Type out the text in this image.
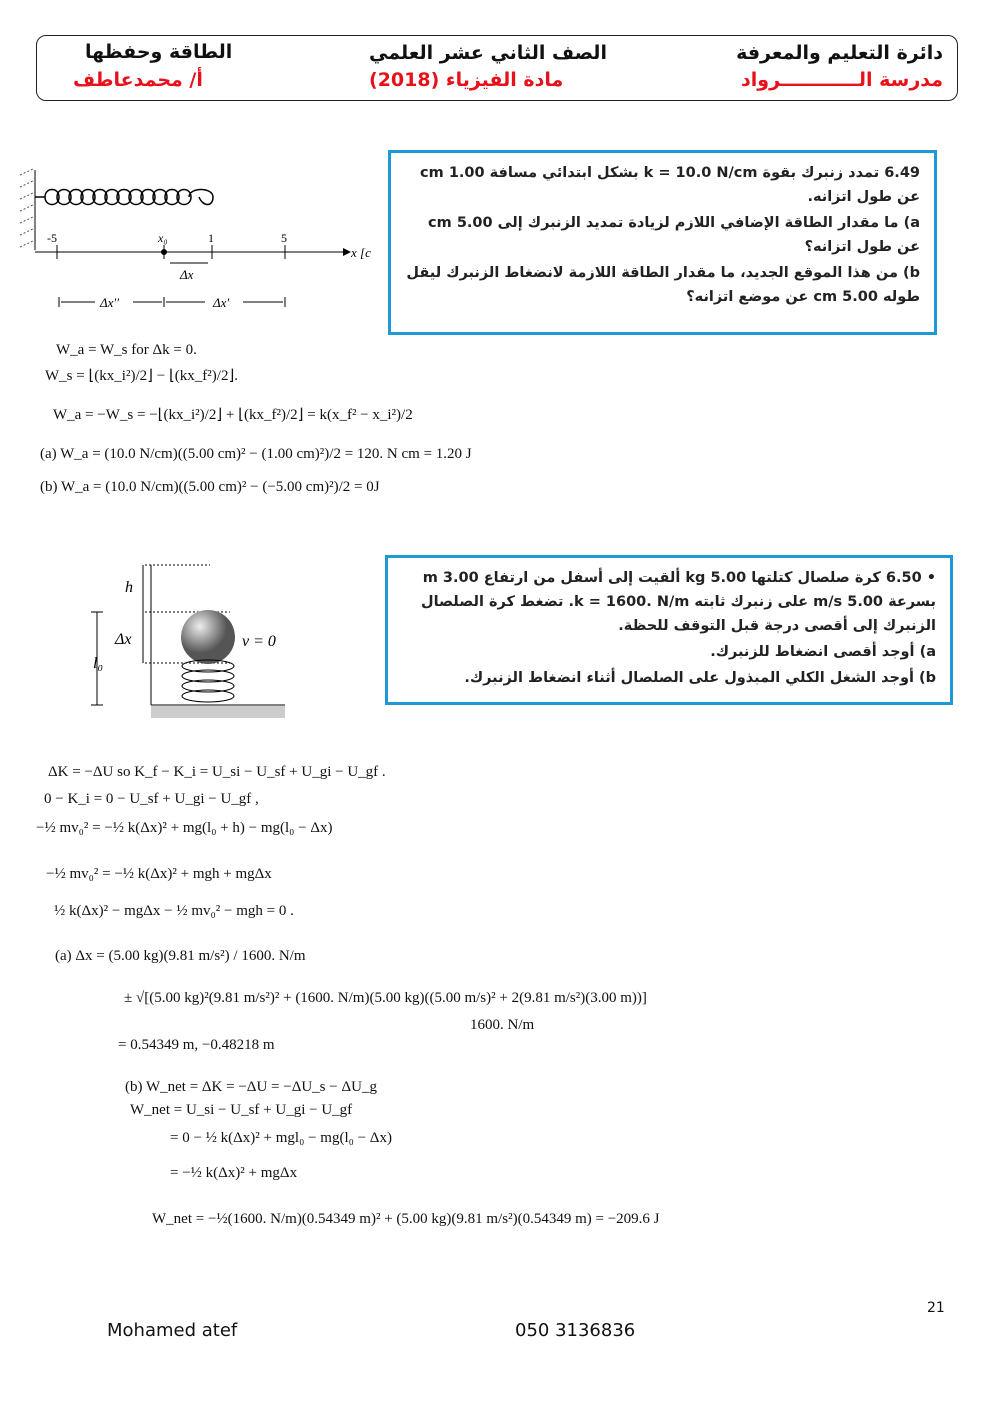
دائرة التعليم والمعرفة
مدرسة الــــــــــــرواد
الصف الثاني عشر العلمي
مادة الفيزياء (2018)
الطاقة وحفظها
أ/ محمدعاطف
-5	x₀	1	5
x [c
Δx
Δx′′	Δx′

6.49 تمدد زنبرك بقوة k = 10.0 N/cm بشكل ابتدائي مسافة 1.00 cm عن طول اتزانه.

a) ما مقدار الطاقة الإضافي اللازم لزيادة تمديد الزنبرك إلى 5.00 cm عن طول اتزانه؟

b) من هذا الموقع الجديد، ما مقدار الطاقة اللازمة لانضغاط الزنبرك ليقل طوله 5.00 cm عن موضع اتزانه؟

W_a = W_s for Δk = 0.
W_s = ⌊(kx_i²)/2⌋ − ⌊(kx_f²)/2⌋.
W_a = −W_s = −⌊(kx_i²)/2⌋ + ⌊(kx_f²)/2⌋ = k(x_f² − x_i²)/2
(a) W_a = (10.0 N/cm)((5.00 cm)² − (1.00 cm)²)/2 = 120. N cm = 1.20 J
(b) W_a = (10.0 N/cm)((5.00 cm)² − (−5.00 cm)²)/2 = 0J
h
Δx
l₀
v = 0

• 6.50 كرة صلصال كتلتها 5.00 kg ألقيت إلى أسفل من ارتفاع 3.00 m بسرعة 5.00 m/s على زنبرك ثابته k = 1600. N/m. تضغط كرة الصلصال الزنبرك إلى أقصى درجة قبل التوقف للحظة.

a) أوجد أقصى انضغاط للزنبرك.

b) أوجد الشغل الكلي المبذول على الصلصال أثناء انضغاط الزنبرك.

ΔK = −ΔU so K_f − K_i = U_si − U_sf + U_gi − U_gf .
0 − K_i = 0 − U_sf + U_gi − U_gf ,
−½ mv₀² = −½ k(Δx)² + mg(l₀ + h) − mg(l₀ − Δx)
−½ mv₀² = −½ k(Δx)² + mgh + mgΔx
½ k(Δx)² − mgΔx − ½ mv₀² − mgh = 0 .
(a) Δx = (5.00 kg)(9.81 m/s²) / 1600. N/m
± √[(5.00 kg)²(9.81 m/s²)² + (1600. N/m)(5.00 kg)((5.00 m/s)² + 2(9.81 m/s²)(3.00 m))]
1600. N/m
= 0.54349 m, −0.48218 m
(b) W_net = ΔK = −ΔU = −ΔU_s − ΔU_g
W_net = U_si − U_sf + U_gi − U_gf
= 0 − ½ k(Δx)² + mgl₀ − mg(l₀ − Δx)
= −½ k(Δx)² + mgΔx
W_net = −½(1600. N/m)(0.54349 m)² + (5.00 kg)(9.81 m/s²)(0.54349 m) = −209.6 J
21
Mohamed atef	050 3136836
